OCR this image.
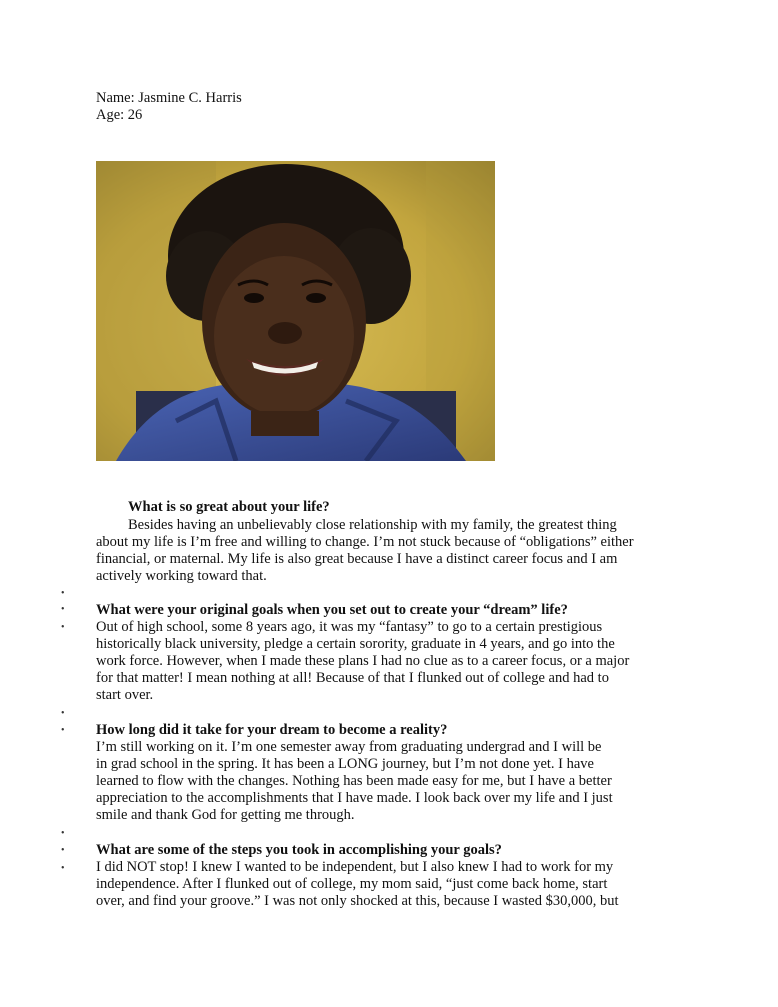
Name: Jasmine C. Harris
Age: 26
What is so great about your life?
Besides having an unbelievably close relationship with my family, the greatest thing
about my life is I’m free and willing to change. I’m not stuck because of “obligations” either
financial, or maternal. My life is also great because I have a distinct career focus and I am
actively working toward that.
•
• What were your original goals when you set out to create your “dream” life?
• Out of high school, some 8 years ago, it was my “fantasy” to go to a certain prestigious
historically black university, pledge a certain sorority, graduate in 4 years, and go into the
work force. However, when I made these plans I had no clue as to a career focus, or a major
for that matter! I mean nothing at all! Because of that I flunked out of college and had to
start over.
•
• How long did it take for your dream to become a reality?
I’m still working on it. I’m one semester away from graduating undergrad and I will be
in grad school in the spring. It has been a LONG journey, but I’m not done yet. I have
learned to flow with the changes. Nothing has been made easy for me, but I have a better
appreciation to the accomplishments that I have made. I look back over my life and I just
smile and thank God for getting me through.
•
• What are some of the steps you took in accomplishing your goals?
• I did NOT stop! I knew I wanted to be independent, but I also knew I had to work for my
independence. After I flunked out of college, my mom said, “just come back home, start
over, and find your groove.” I was not only shocked at this, because I wasted $30,000, but
